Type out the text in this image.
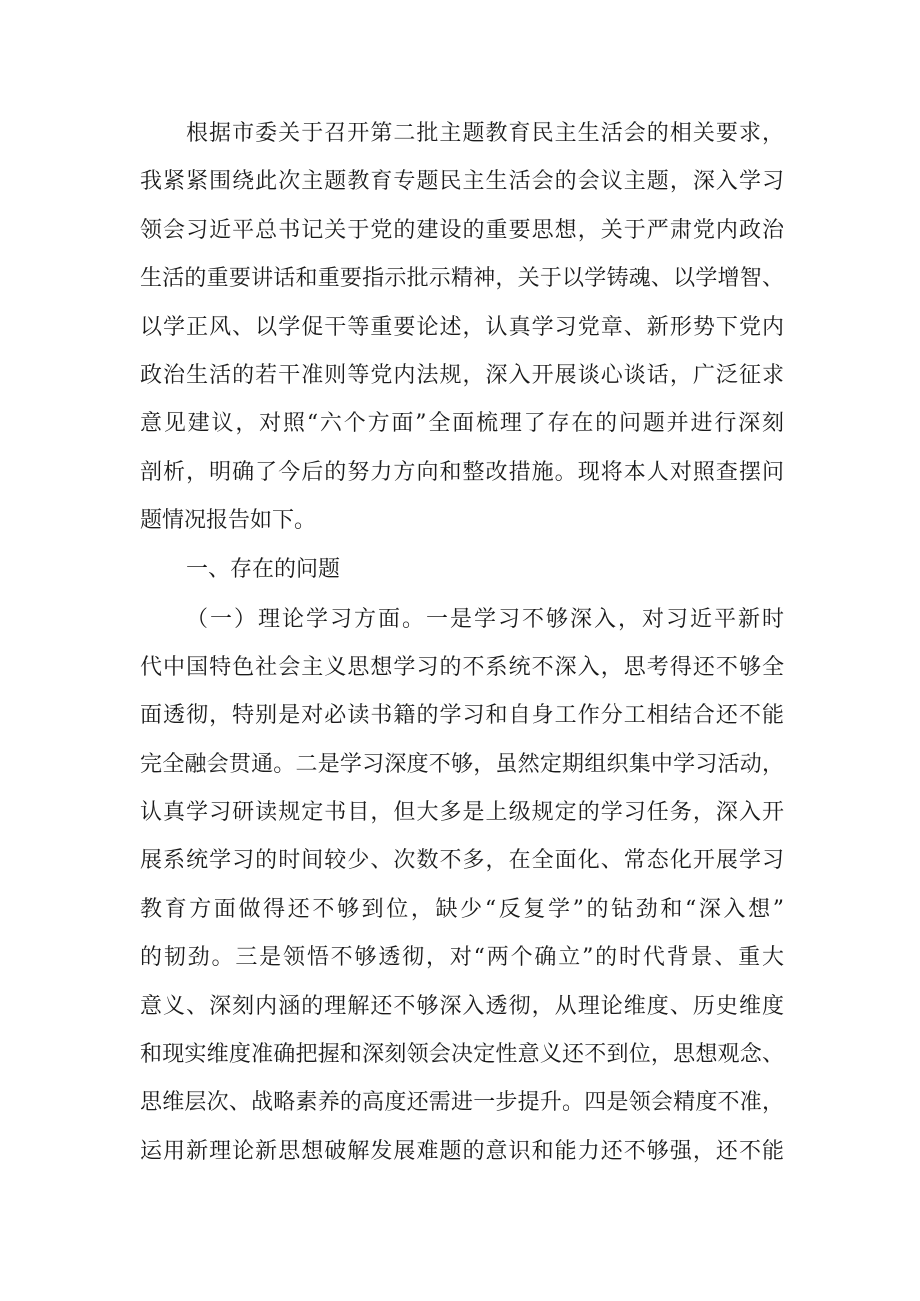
根据市委关于召开第二批主题教育民主生活会的相关要求，
我紧紧围绕此次主题教育专题民主生活会的会议主题，深入学习
领会习近平总书记关于党的建设的重要思想，关于严肃党内政治
生活的重要讲话和重要指示批示精神，关于以学铸魂、以学增智、
以学正风、以学促干等重要论述，认真学习党章、新形势下党内
政治生活的若干准则等党内法规，深入开展谈心谈话，广泛征求
意见建议，对照“六个方面”全面梳理了存在的问题并进行深刻
剖析，明确了今后的努力方向和整改措施。现将本人对照查摆问
题情况报告如下。
一、存在的问题
（一）理论学习方面。一是学习不够深入，对习近平新时
代中国特色社会主义思想学习的不系统不深入，思考得还不够全
面透彻，特别是对必读书籍的学习和自身工作分工相结合还不能
完全融会贯通。二是学习深度不够，虽然定期组织集中学习活动，
认真学习研读规定书目，但大多是上级规定的学习任务，深入开
展系统学习的时间较少、次数不多，在全面化、常态化开展学习
教育方面做得还不够到位，缺少“反复学”的钻劲和“深入想”
的韧劲。三是领悟不够透彻，对“两个确立”的时代背景、重大
意义、深刻内涵的理解还不够深入透彻，从理论维度、历史维度
和现实维度准确把握和深刻领会决定性意义还不到位，思想观念、
思维层次、战略素养的高度还需进一步提升。四是领会精度不准，
运用新理论新思想破解发展难题的意识和能力还不够强，还不能
